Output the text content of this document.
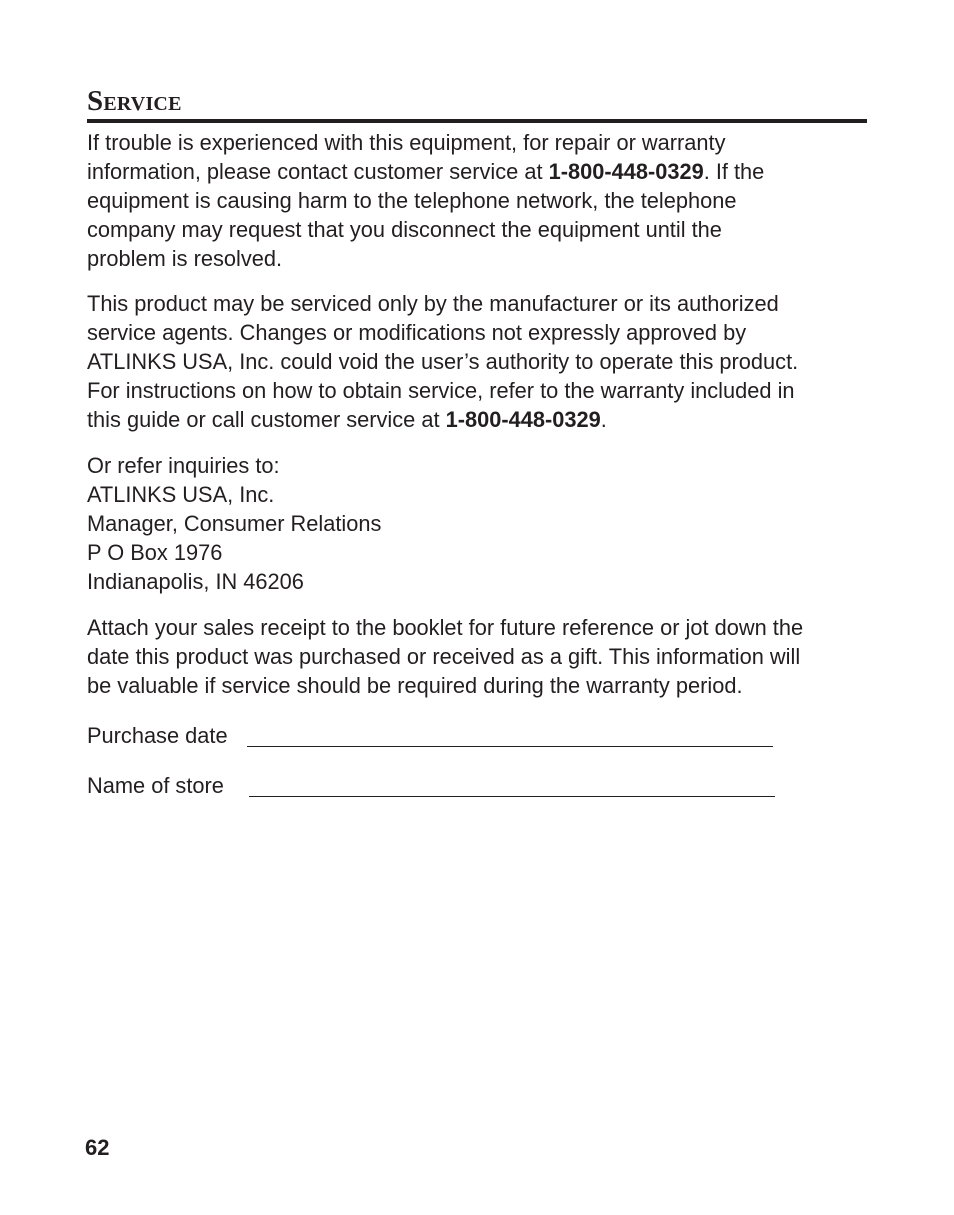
Service

If trouble is experienced with this equipment, for repair or warranty
information, please contact customer service at 1-800-448-0329. If the
equipment is causing harm to the telephone network, the telephone
company may request that you disconnect the equipment until the
problem is resolved.

This product may be serviced only by the manufacturer or its authorized
service agents. Changes or modifications not expressly approved by
ATLINKS USA, Inc. could void the user’s authority to operate this product.
For instructions on how to obtain service, refer to the warranty included in
this guide or call customer service at 1-800-448-0329.

Or refer inquiries to:
ATLINKS USA, Inc.
Manager, Consumer Relations
P O Box 1976
Indianapolis, IN 46206

Attach your sales receipt to the booklet for future reference or jot down the
date this product was purchased or received as a gift. This information will
be valuable if service should be required during the warranty period.

Purchase date
Name of store
62
